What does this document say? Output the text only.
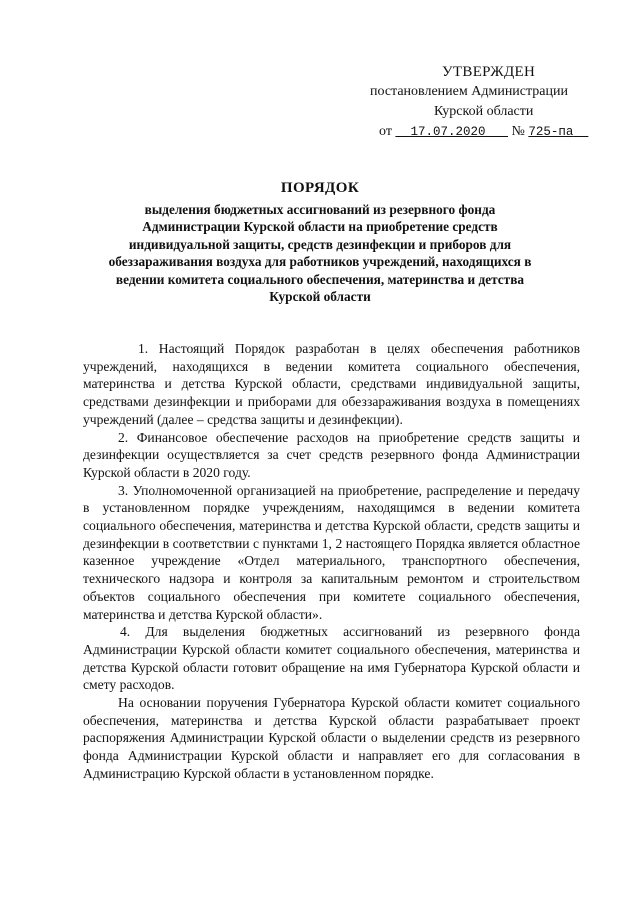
УТВЕРЖДЕН
постановлением Администрации
Курской области
от 17.07.2020 № 725-па
ПОРЯДОК
выделения бюджетных ассигнований из резервного фонда
Администрации Курской области на приобретение средств
индивидуальной защиты, средств дезинфекции и приборов для
обеззараживания воздуха для работников учреждений, находящихся в
ведении комитета социального обеспечения, материнства и детства
Курской области

1. Настоящий Порядок разработан в целях обеспечения работников учреждений, находящихся в ведении комитета социального обеспечения, материнства и детства Курской области, средствами индивидуальной защиты, средствами дезинфекции и приборами для обеззараживания воздуха в помещениях учреждений (далее – средства защиты и дезинфекции).

2. Финансовое обеспечение расходов на приобретение средств защиты и дезинфекции осуществляется за счет средств резервного фонда Администрации Курской области в 2020 году.

3. Уполномоченной организацией на приобретение, распределение и передачу в установленном порядке учреждениям, находящимся в ведении комитета социального обеспечения, материнства и детства Курской области, средств защиты и дезинфекции в соответствии с пунктами 1, 2 настоящего Порядка является областное казенное учреждение «Отдел материального, транспортного обеспечения, технического надзора и контроля за капитальным ремонтом и строительством объектов социального обеспечения при комитете социального обеспечения, материнства и детства Курской области».

4. Для выделения бюджетных ассигнований из резервного фонда Администрации Курской области комитет социального обеспечения, материнства и детства Курской области готовит обращение на имя Губернатора Курской области и смету расходов.

На основании поручения Губернатора Курской области комитет социального обеспечения, материнства и детства Курской области разрабатывает проект распоряжения Администрации Курской области о выделении средств из резервного фонда Администрации Курской области и направляет его для согласования в Администрацию Курской области в установленном порядке.
